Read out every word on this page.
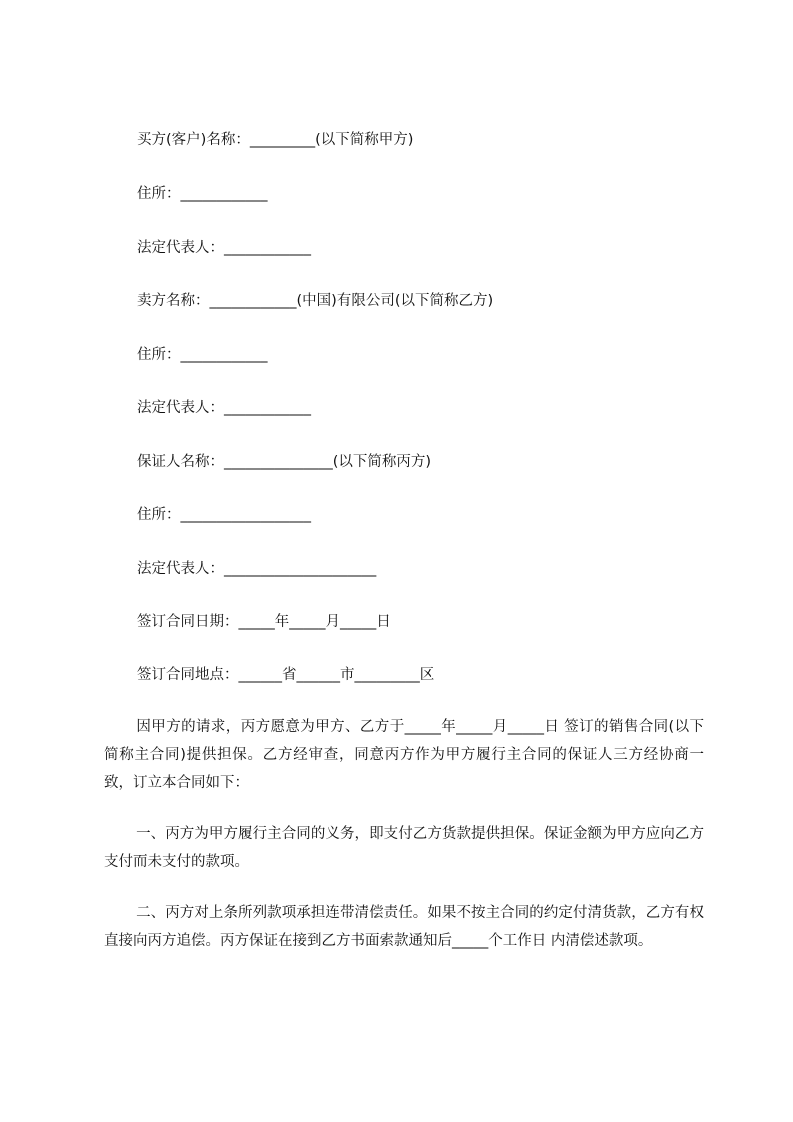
买方(客户)名称：_________(以下简称甲方)
住所：____________
法定代表人：____________
卖方名称：____________(中国)有限公司(以下简称乙方)
住所：____________
法定代表人：____________
保证人名称：_______________(以下简称丙方)
住所：__________________
法定代表人：_____________________
签订合同日期：_____年_____月_____日
签订合同地点：______省______市_________区
因甲方的请求，丙方愿意为甲方、乙方于_____年_____月_____日 签订的销售合同(以下简称主合同)提供担保。乙方经审查，同意丙方作为甲方履行主合同的保证人三方经协商一致，订立本合同如下：
一、丙方为甲方履行主合同的义务，即支付乙方货款提供担保。保证金额为甲方应向乙方支付而未支付的款项。
二、丙方对上条所列款项承担连带清偿责任。如果不按主合同的约定付清货款，乙方有权直接向丙方追偿。丙方保证在接到乙方书面索款通知后_____个工作日 内清偿述款项。
